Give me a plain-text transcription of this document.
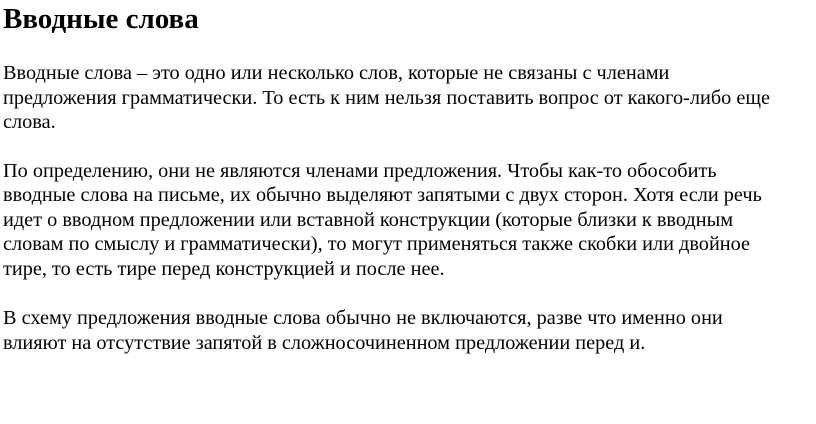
Вводные слова

Вводные слова – это одно или несколько слов, которые не связаны с членами предложения грамматически. То есть к ним нельзя поставить вопрос от какого-либо еще слова.

По определению, они не являются членами предложения. Чтобы как-то обособить вводные слова на письме, их обычно выделяют запятыми с двух сторон. Хотя если речь идет о вводном предложении или вставной конструкции (которые близки к вводным словам по смыслу и грамматически), то могут применяться также скобки или двойное тире, то есть тире перед конструкцией и после нее.

В схему предложения вводные слова обычно не включаются, разве что именно они влияют на отсутствие запятой в сложносочиненном предложении перед и.
